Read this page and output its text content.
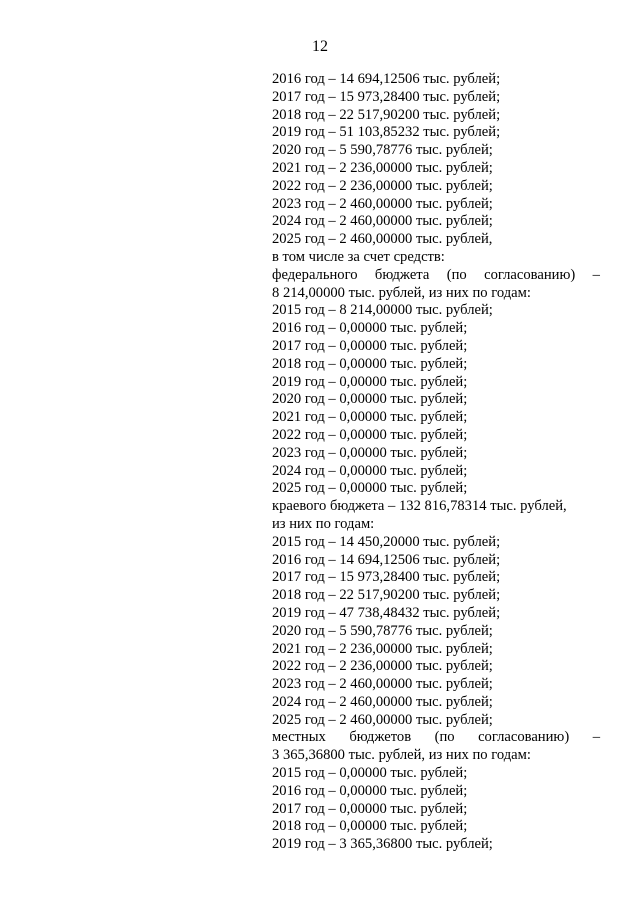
12
2016 год – 14 694,12506 тыс. рублей;
2017 год – 15 973,28400 тыс. рублей;
2018 год – 22 517,90200 тыс. рублей;
2019 год – 51 103,85232 тыс. рублей;
2020 год – 5 590,78776 тыс. рублей;
2021 год – 2 236,00000 тыс. рублей;
2022 год – 2 236,00000 тыс. рублей;
2023 год – 2 460,00000 тыс. рублей;
2024 год – 2 460,00000 тыс. рублей;
2025 год – 2 460,00000 тыс. рублей,
в том числе за счет средств:
федерального бюджета (по согласованию) –
8 214,00000 тыс. рублей, из них по годам:
2015 год – 8 214,00000 тыс. рублей;
2016 год – 0,00000 тыс. рублей;
2017 год – 0,00000 тыс. рублей;
2018 год – 0,00000 тыс. рублей;
2019 год – 0,00000 тыс. рублей;
2020 год – 0,00000 тыс. рублей;
2021 год – 0,00000 тыс. рублей;
2022 год – 0,00000 тыс. рублей;
2023 год – 0,00000 тыс. рублей;
2024 год – 0,00000 тыс. рублей;
2025 год – 0,00000 тыс. рублей;
краевого бюджета – 132 816,78314 тыс. рублей,
из них по годам:
2015 год – 14 450,20000 тыс. рублей;
2016 год – 14 694,12506 тыс. рублей;
2017 год – 15 973,28400 тыс. рублей;
2018 год – 22 517,90200 тыс. рублей;
2019 год – 47 738,48432 тыс. рублей;
2020 год – 5 590,78776 тыс. рублей;
2021 год – 2 236,00000 тыс. рублей;
2022 год – 2 236,00000 тыс. рублей;
2023 год – 2 460,00000 тыс. рублей;
2024 год – 2 460,00000 тыс. рублей;
2025 год – 2 460,00000 тыс. рублей;
местных бюджетов (по согласованию) –
3 365,36800 тыс. рублей, из них по годам:
2015 год – 0,00000 тыс. рублей;
2016 год – 0,00000 тыс. рублей;
2017 год – 0,00000 тыс. рублей;
2018 год – 0,00000 тыс. рублей;
2019 год – 3 365,36800 тыс. рублей;
